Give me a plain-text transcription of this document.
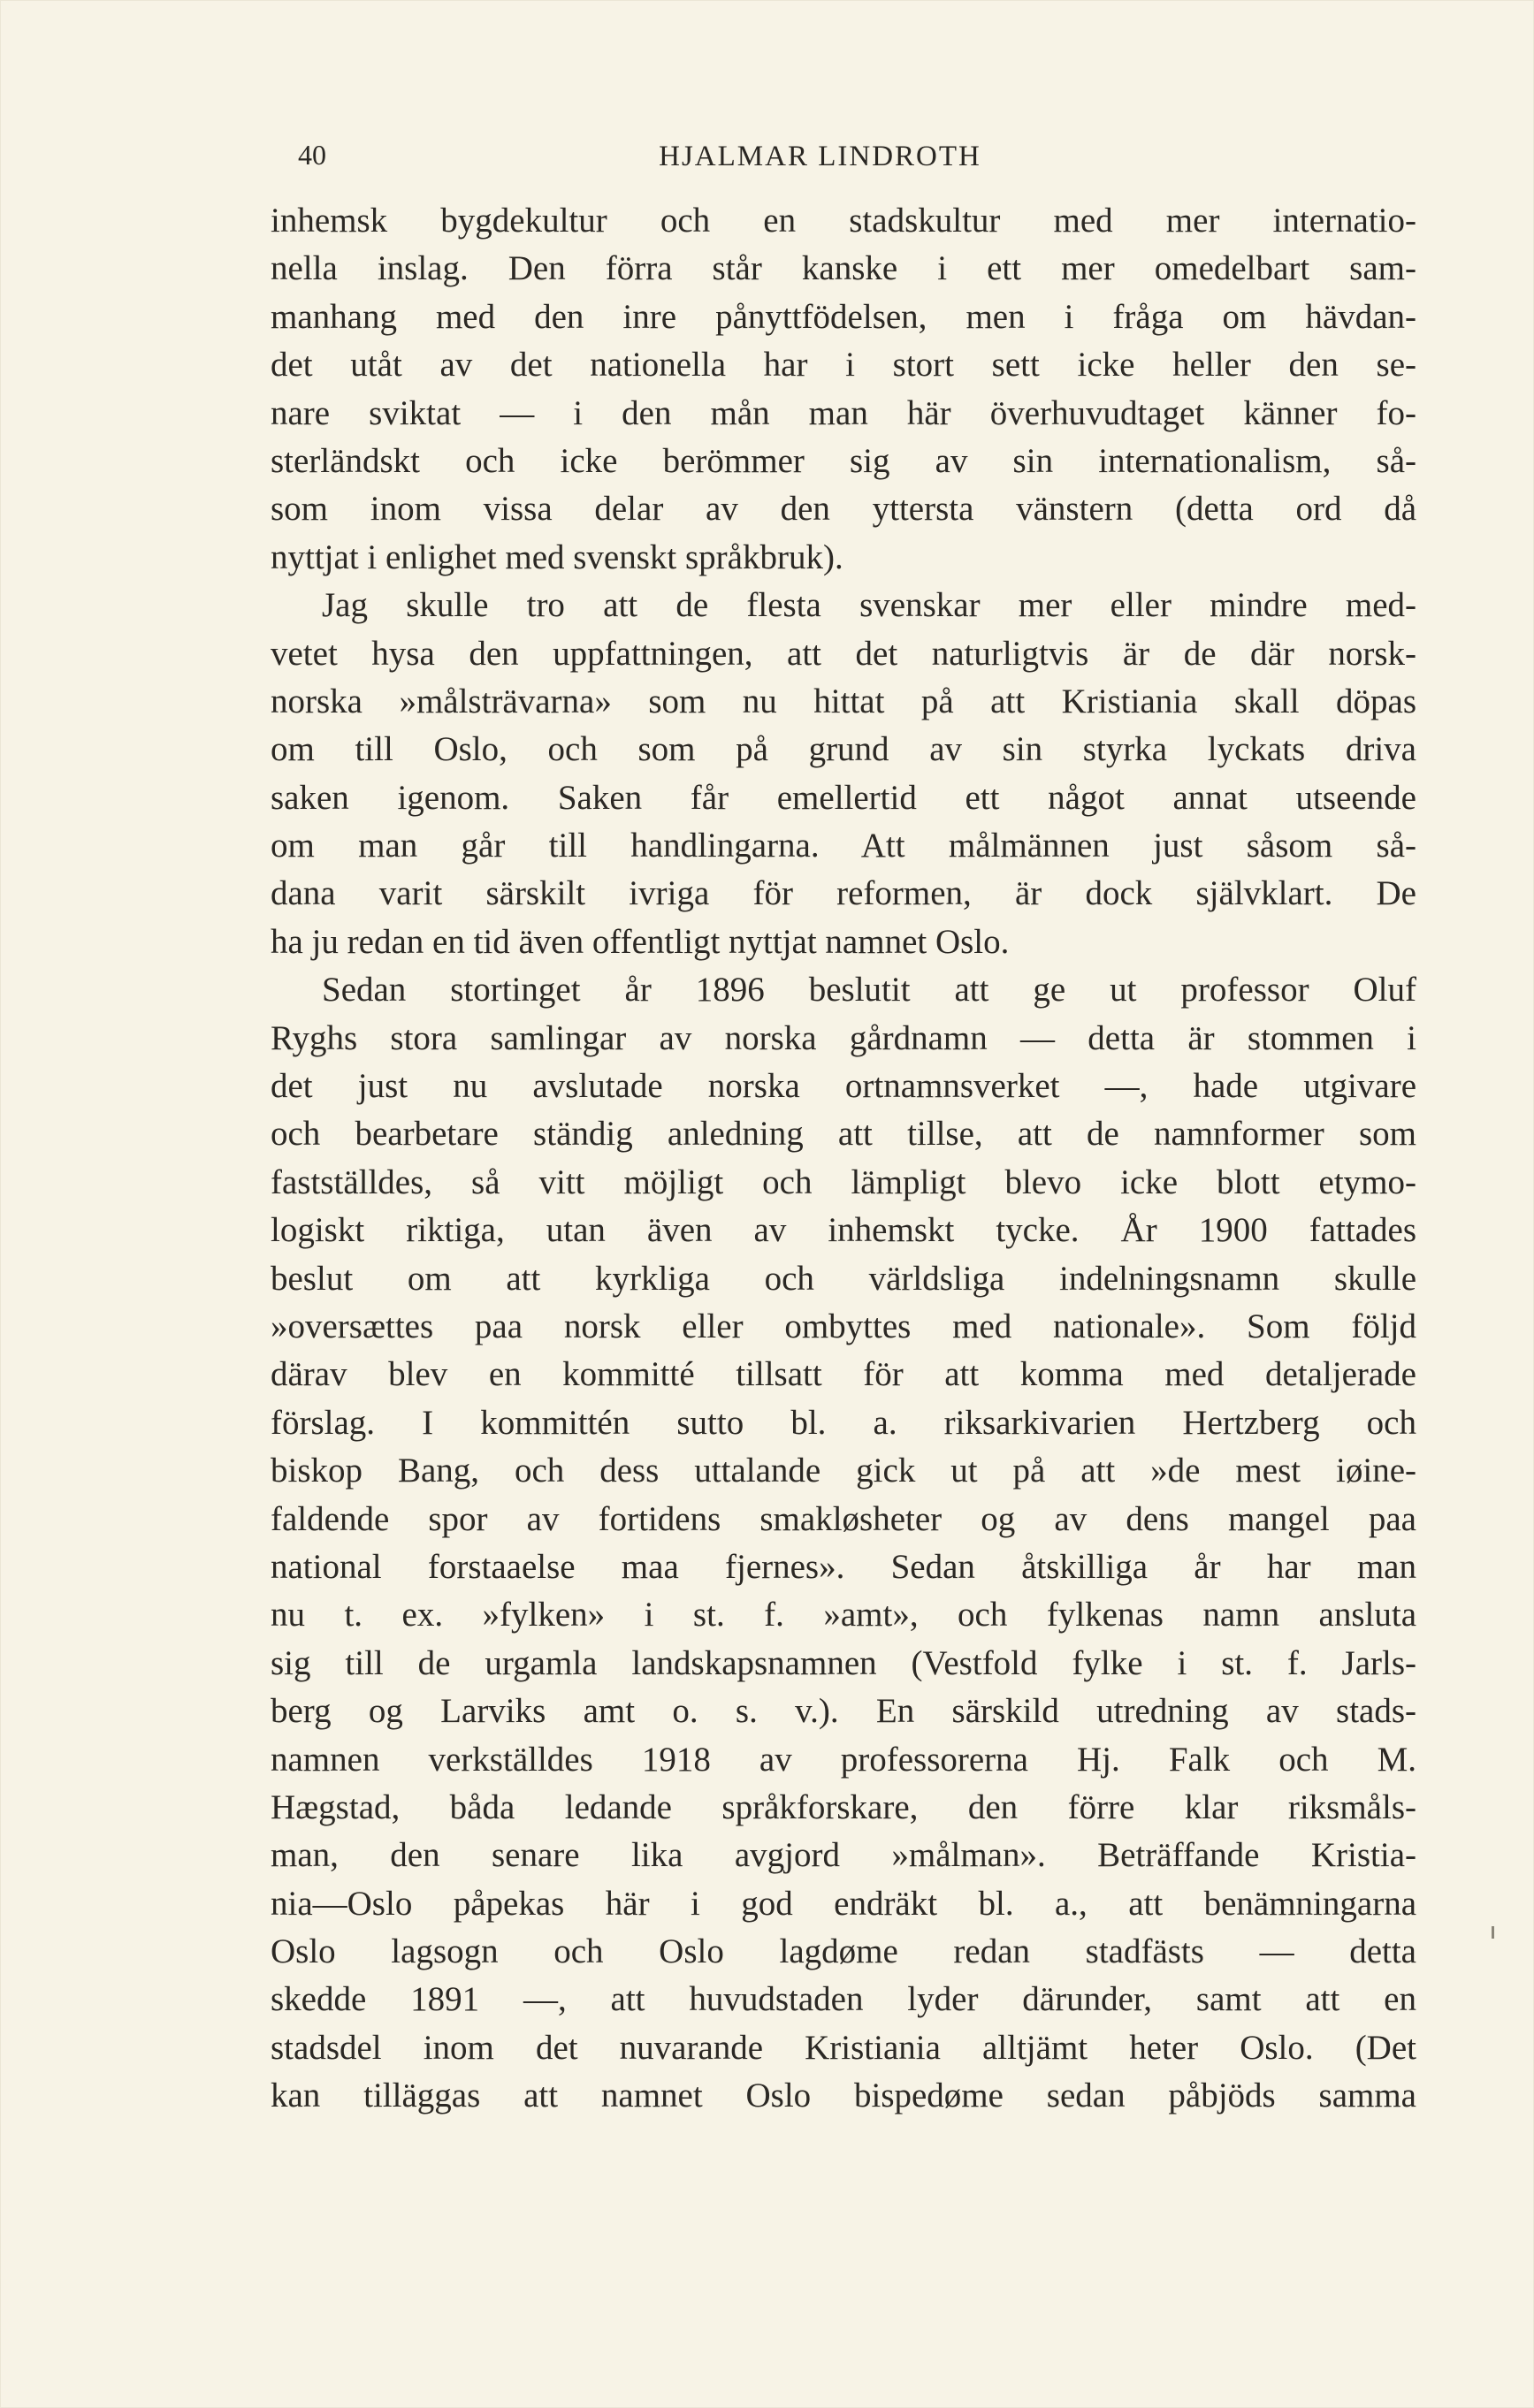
40	HJALMAR LINDROTH
inhemsk bygdekultur och en stadskultur med mer internatio-
nella inslag. Den förra står kanske i ett mer omedelbart sam-
manhang med den inre pånyttfödelsen, men i fråga om hävdan-
det utåt av det nationella har i stort sett icke heller den se-
nare sviktat — i den mån man här överhuvudtaget känner fo-
sterländskt och icke berömmer sig av sin internationalism, så-
som inom vissa delar av den yttersta vänstern (detta ord då
nyttjat i enlighet med svenskt språkbruk).
Jag skulle tro att de flesta svenskar mer eller mindre med-
vetet hysa den uppfattningen, att det naturligtvis är de där norsk-
norska »målsträvarna» som nu hittat på att Kristiania skall döpas
om till Oslo, och som på grund av sin styrka lyckats driva
saken igenom. Saken får emellertid ett något annat utseende
om man går till handlingarna. Att målmännen just såsom så-
dana varit särskilt ivriga för reformen, är dock självklart. De
ha ju redan en tid även offentligt nyttjat namnet Oslo.
Sedan stortinget år 1896 beslutit att ge ut professor Oluf
Ryghs stora samlingar av norska gårdnamn — detta är stommen i
det just nu avslutade norska ortnamnsverket —, hade utgivare
och bearbetare ständig anledning att tillse, att de namnformer som
fastställdes, så vitt möjligt och lämpligt blevo icke blott etymo-
logiskt riktiga, utan även av inhemskt tycke. År 1900 fattades
beslut om att kyrkliga och världsliga indelningsnamn skulle
»oversættes paa norsk eller ombyttes med nationale». Som följd
därav blev en kommitté tillsatt för att komma med detaljerade
förslag. I kommittén sutto bl. a. riksarkivarien Hertzberg och
biskop Bang, och dess uttalande gick ut på att »de mest iøine-
faldende spor av fortidens smakløsheter og av dens mangel paa
national forstaaelse maa fjernes». Sedan åtskilliga år har man
nu t. ex. »fylken» i st. f. »amt», och fylkenas namn ansluta
sig till de urgamla landskapsnamnen (Vestfold fylke i st. f. Jarls-
berg og Larviks amt o. s. v.). En särskild utredning av stads-
namnen verkställdes 1918 av professorerna Hj. Falk och M.
Hægstad, båda ledande språkforskare, den förre klar riksmåls-
man, den senare lika avgjord »målman». Beträffande Kristia-
nia—Oslo påpekas här i god endräkt bl. a., att benämningarna
Oslo lagsogn och Oslo lagdøme redan stadfästs — detta
skedde 1891 —, att huvudstaden lyder därunder, samt att en
stadsdel inom det nuvarande Kristiania alltjämt heter Oslo. (Det
kan tilläggas att namnet Oslo bispedøme sedan påbjöds samma
